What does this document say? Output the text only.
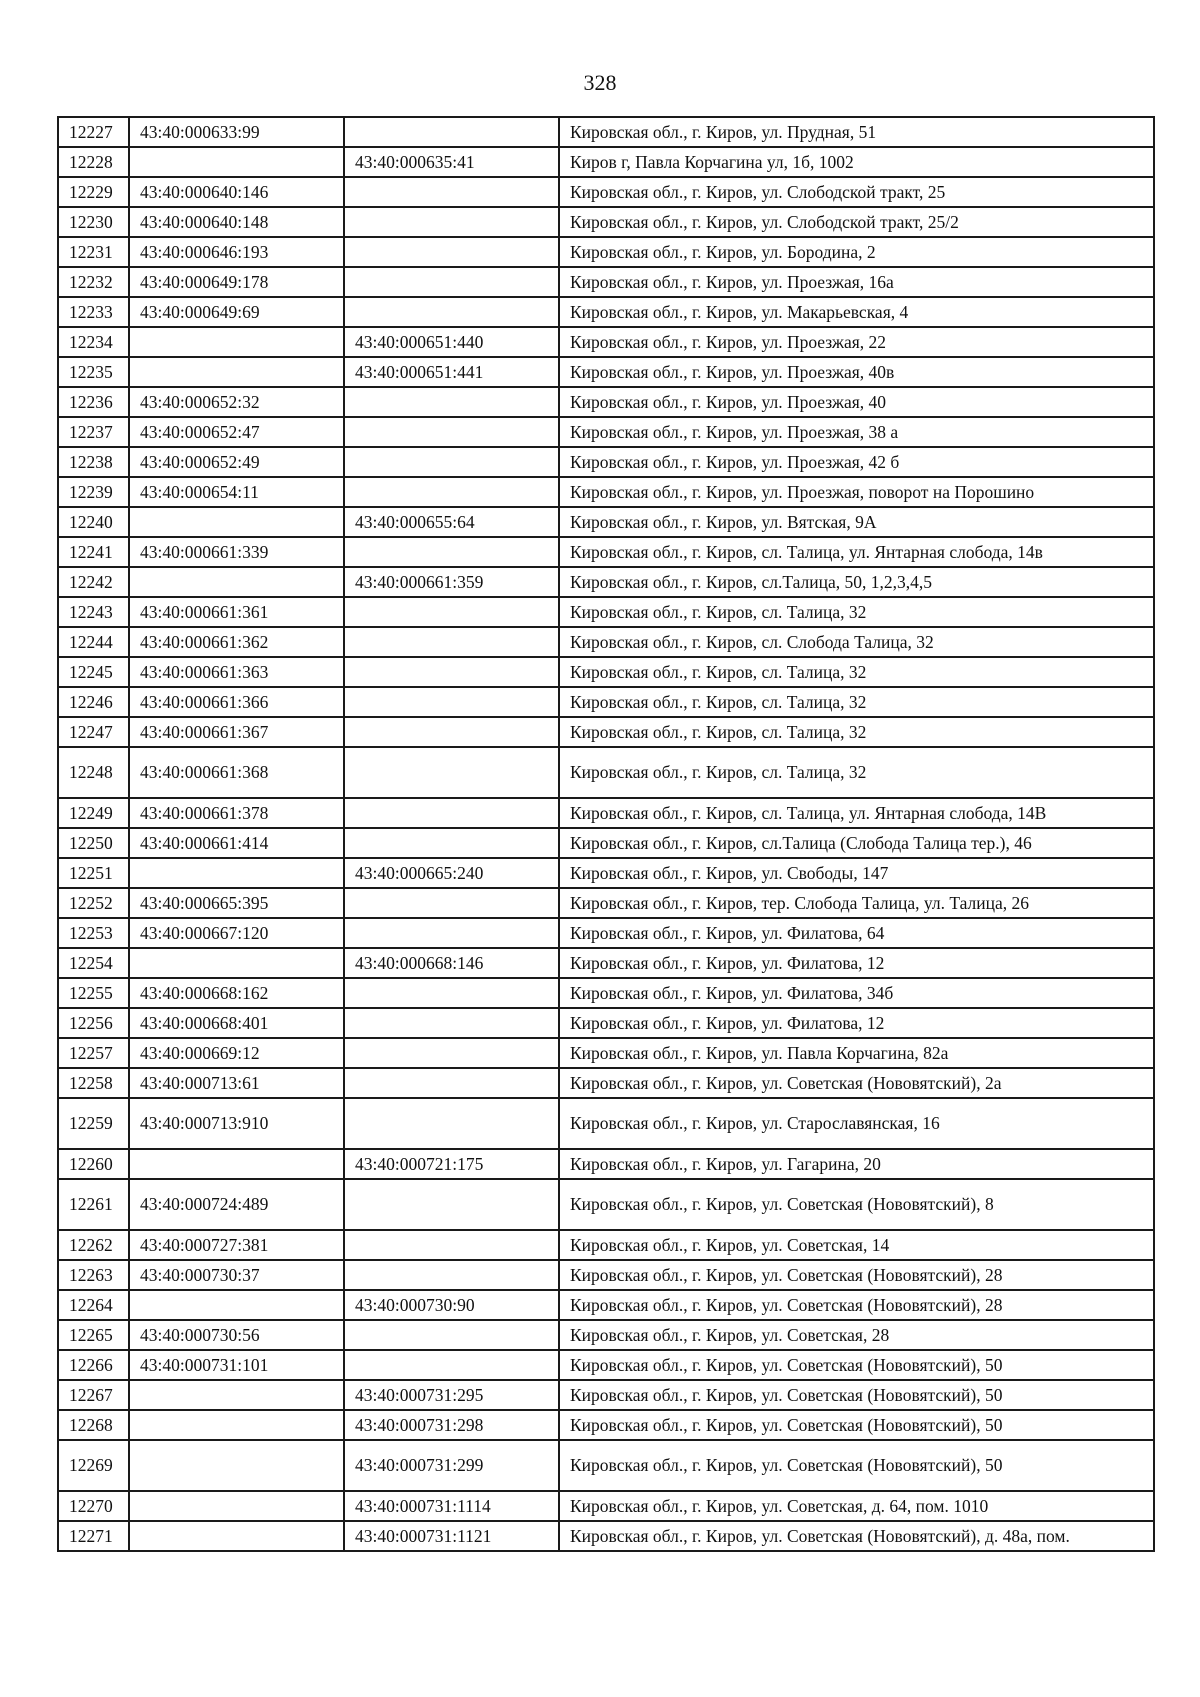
328
12227	43:40:000633:99		Кировская обл., г. Киров, ул. Прудная, 51
12228		43:40:000635:41	Киров г, Павла Корчагина ул, 1б, 1002
12229	43:40:000640:146		Кировская обл., г. Киров, ул. Слободской тракт, 25
12230	43:40:000640:148		Кировская обл., г. Киров, ул. Слободской тракт, 25/2
12231	43:40:000646:193		Кировская обл., г. Киров, ул. Бородина, 2
12232	43:40:000649:178		Кировская обл., г. Киров, ул. Проезжая, 16а
12233	43:40:000649:69		Кировская обл., г. Киров, ул. Макарьевская, 4
12234		43:40:000651:440	Кировская обл., г. Киров, ул. Проезжая, 22
12235		43:40:000651:441	Кировская обл., г. Киров, ул. Проезжая, 40в
12236	43:40:000652:32		Кировская обл., г. Киров, ул. Проезжая, 40
12237	43:40:000652:47		Кировская обл., г. Киров, ул. Проезжая, 38 а
12238	43:40:000652:49		Кировская обл., г. Киров, ул. Проезжая, 42 б
12239	43:40:000654:11		Кировская обл., г. Киров, ул. Проезжая, поворот на Порошино
12240		43:40:000655:64	Кировская обл., г. Киров, ул. Вятская, 9А
12241	43:40:000661:339		Кировская обл., г. Киров, сл. Талица, ул. Янтарная слобода, 14в
12242		43:40:000661:359	Кировская обл., г. Киров, сл.Талица, 50, 1,2,3,4,5
12243	43:40:000661:361		Кировская обл., г. Киров, сл. Талица, 32
12244	43:40:000661:362		Кировская обл., г. Киров, сл. Слобода Талица, 32
12245	43:40:000661:363		Кировская обл., г. Киров, сл. Талица, 32
12246	43:40:000661:366		Кировская обл., г. Киров, сл. Талица, 32
12247	43:40:000661:367		Кировская обл., г. Киров, сл. Талица, 32
12248	43:40:000661:368		Кировская обл., г. Киров, сл. Талица, 32
12249	43:40:000661:378		Кировская обл., г. Киров, сл. Талица, ул. Янтарная слобода, 14В
12250	43:40:000661:414		Кировская обл., г. Киров, сл.Талица (Слобода Талица тер.), 46
12251		43:40:000665:240	Кировская обл., г. Киров, ул. Свободы, 147
12252	43:40:000665:395		Кировская обл., г. Киров, тер. Слобода Талица, ул. Талица, 26
12253	43:40:000667:120		Кировская обл., г. Киров, ул. Филатова, 64
12254		43:40:000668:146	Кировская обл., г. Киров, ул. Филатова, 12
12255	43:40:000668:162		Кировская обл., г. Киров, ул. Филатова, 34б
12256	43:40:000668:401		Кировская обл., г. Киров, ул. Филатова, 12
12257	43:40:000669:12		Кировская обл., г. Киров, ул. Павла Корчагина, 82а
12258	43:40:000713:61		Кировская обл., г. Киров, ул. Советская (Нововятский), 2а
12259	43:40:000713:910		Кировская обл., г. Киров, ул. Старославянская, 16
12260		43:40:000721:175	Кировская обл., г. Киров, ул. Гагарина, 20
12261	43:40:000724:489		Кировская обл., г. Киров, ул. Советская (Нововятский), 8
12262	43:40:000727:381		Кировская обл., г. Киров, ул. Советская, 14
12263	43:40:000730:37		Кировская обл., г. Киров, ул. Советская (Нововятский), 28
12264		43:40:000730:90	Кировская обл., г. Киров, ул. Советская (Нововятский), 28
12265	43:40:000730:56		Кировская обл., г. Киров, ул. Советская, 28
12266	43:40:000731:101		Кировская обл., г. Киров, ул. Советская (Нововятский), 50
12267		43:40:000731:295	Кировская обл., г. Киров, ул. Советская (Нововятский), 50
12268		43:40:000731:298	Кировская обл., г. Киров, ул. Советская (Нововятский), 50
12269		43:40:000731:299	Кировская обл., г. Киров, ул. Советская (Нововятский), 50
12270		43:40:000731:1114	Кировская обл., г. Киров, ул. Советская, д. 64, пом. 1010
12271		43:40:000731:1121	Кировская обл., г. Киров, ул. Советская (Нововятский), д. 48а, пом.
